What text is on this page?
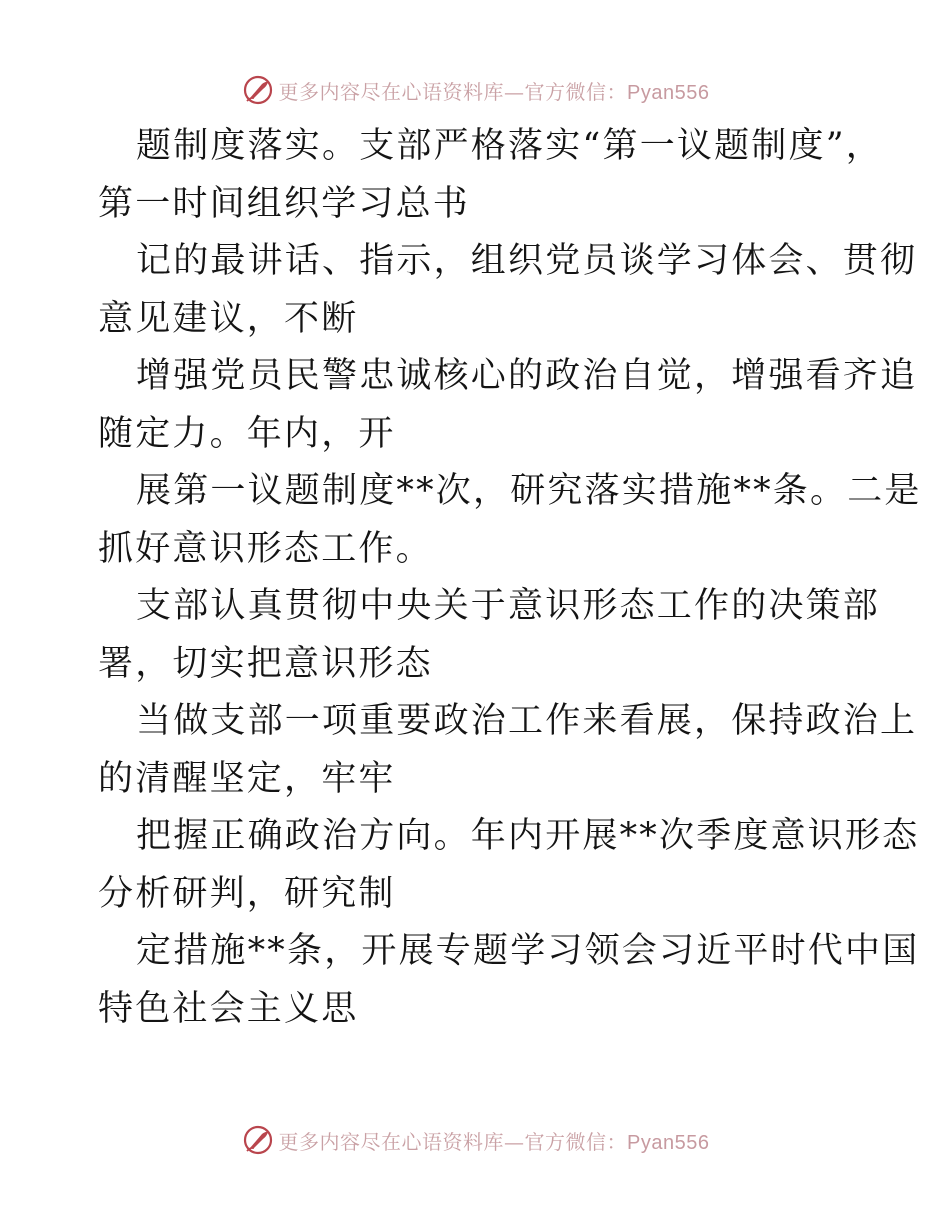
更多内容尽在心语资料库—官方微信：Pyan556
题制度落实。支部严格落实“第一议题制度”，
第一时间组织学习总书
记的最讲话、指示，组织党员谈学习体会、贯彻
意见建议，不断
增强党员民警忠诚核心的政治自觉，增强看齐追
随定力。年内，开
展第一议题制度**次，研究落实措施**条。二是
抓好意识形态工作。
支部认真贯彻中央关于意识形态工作的决策部
署，切实把意识形态
当做支部一项重要政治工作来看展，保持政治上
的清醒坚定，牢牢
把握正确政治方向。年内开展**次季度意识形态
分析研判，研究制
定措施**条，开展专题学习领会习近平时代中国
特色社会主义思
更多内容尽在心语资料库—官方微信：Pyan556
